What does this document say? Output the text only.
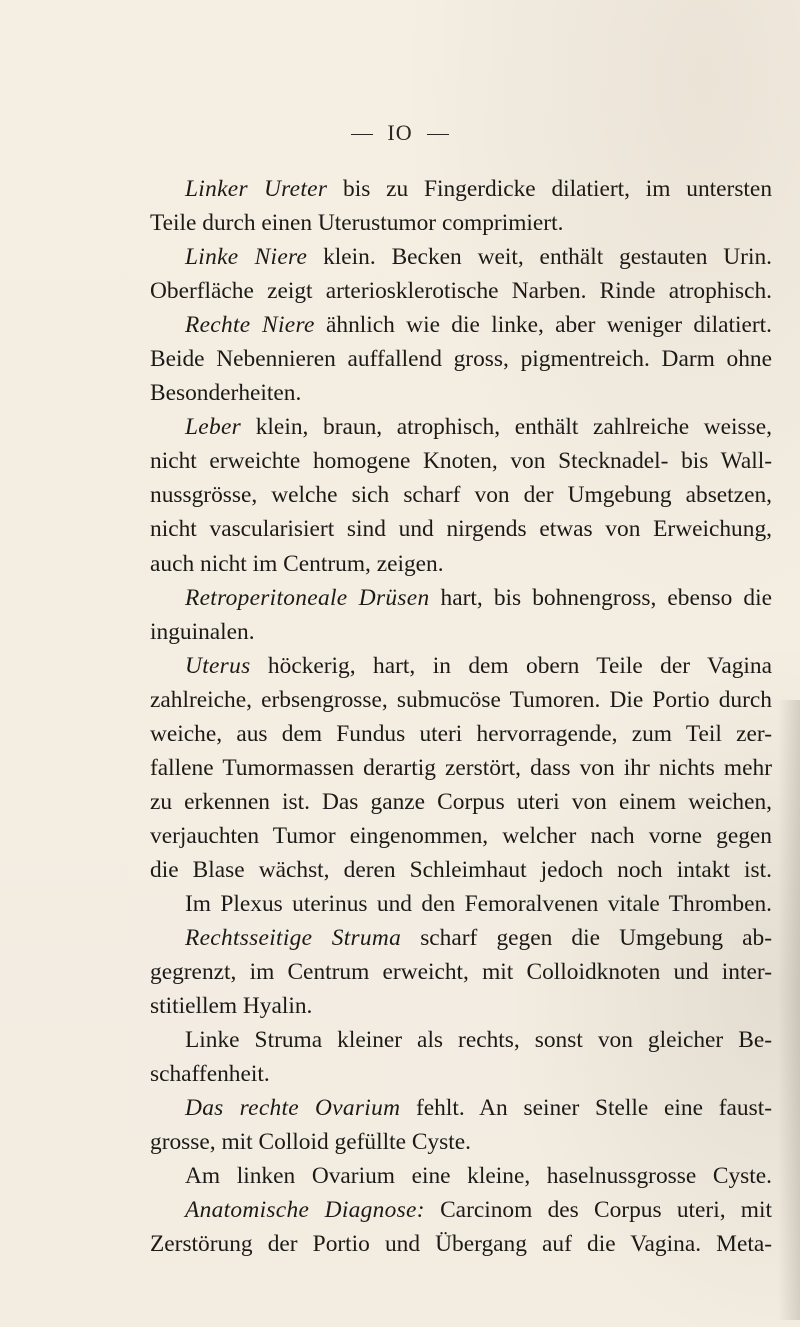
IO
Linker Ureter bis zu Fingerdicke dilatiert, im untersten
Teile durch einen Uterustumor comprimiert.
Linke Niere klein. Becken weit, enthält gestauten Urin.
Oberfläche zeigt arteriosklerotische Narben. Rinde atrophisch.
Rechte Niere ähnlich wie die linke, aber weniger dilatiert.
Beide Nebennieren auffallend gross, pigmentreich. Darm ohne
Besonderheiten.
Leber klein, braun, atrophisch, enthält zahlreiche weisse,
nicht erweichte homogene Knoten, von Stecknadel- bis Wall-
nussgrösse, welche sich scharf von der Umgebung absetzen,
nicht vascularisiert sind und nirgends etwas von Erweichung,
auch nicht im Centrum, zeigen.
Retroperitoneale Drüsen hart, bis bohnengross, ebenso die
inguinalen.
Uterus höckerig, hart, in dem obern Teile der Vagina
zahlreiche, erbsengrosse, submucöse Tumoren. Die Portio durch
weiche, aus dem Fundus uteri hervorragende, zum Teil zer-
fallene Tumormassen derartig zerstört, dass von ihr nichts mehr
zu erkennen ist. Das ganze Corpus uteri von einem weichen,
verjauchten Tumor eingenommen, welcher nach vorne gegen
die Blase wächst, deren Schleimhaut jedoch noch intakt ist.
Im Plexus uterinus und den Femoralvenen vitale Thromben.
Rechtsseitige Struma scharf gegen die Umgebung ab-
gegrenzt, im Centrum erweicht, mit Colloidknoten und inter-
stitiellem Hyalin.
Linke Struma kleiner als rechts, sonst von gleicher Be-
schaffenheit.
Das rechte Ovarium fehlt. An seiner Stelle eine faust-
grosse, mit Colloid gefüllte Cyste.
Am linken Ovarium eine kleine, haselnussgrosse Cyste.
Anatomische Diagnose: Carcinom des Corpus uteri, mit
Zerstörung der Portio und Übergang auf die Vagina. Meta-
